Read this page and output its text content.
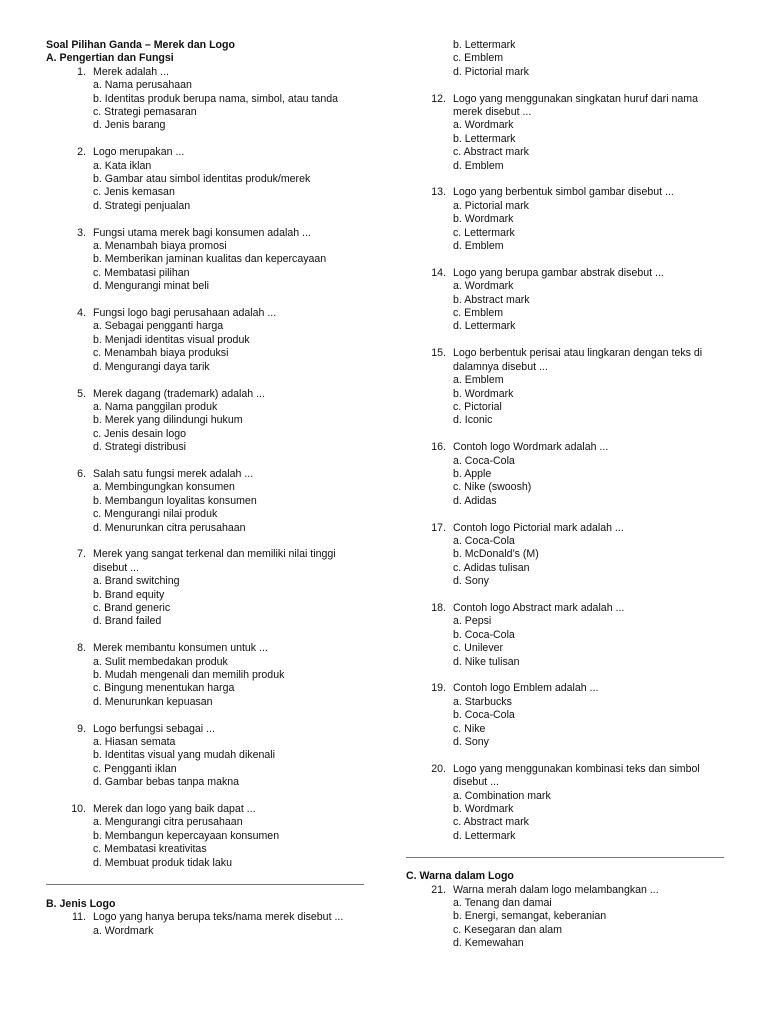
Soal Pilihan Ganda – Merek dan Logo
A. Pengertian dan Fungsi
1. Merek adalah ...
a. Nama perusahaan
b. Identitas produk berupa nama, simbol, atau tanda
c. Strategi pemasaran
d. Jenis barang
2. Logo merupakan ...
a. Kata iklan
b. Gambar atau simbol identitas produk/merek
c. Jenis kemasan
d. Strategi penjualan
3. Fungsi utama merek bagi konsumen adalah ...
a. Menambah biaya promosi
b. Memberikan jaminan kualitas dan kepercayaan
c. Membatasi pilihan
d. Mengurangi minat beli
4. Fungsi logo bagi perusahaan adalah ...
a. Sebagai pengganti harga
b. Menjadi identitas visual produk
c. Menambah biaya produksi
d. Mengurangi daya tarik
5. Merek dagang (trademark) adalah ...
a. Nama panggilan produk
b. Merek yang dilindungi hukum
c. Jenis desain logo
d. Strategi distribusi
6. Salah satu fungsi merek adalah ...
a. Membingungkan konsumen
b. Membangun loyalitas konsumen
c. Mengurangi nilai produk
d. Menurunkan citra perusahaan
7. Merek yang sangat terkenal dan memiliki nilai tinggi disebut ...
a. Brand switching
b. Brand equity
c. Brand generic
d. Brand failed
8. Merek membantu konsumen untuk ...
a. Sulit membedakan produk
b. Mudah mengenali dan memilih produk
c. Bingung menentukan harga
d. Menurunkan kepuasan
9. Logo berfungsi sebagai ...
a. Hiasan semata
b. Identitas visual yang mudah dikenali
c. Pengganti iklan
d. Gambar bebas tanpa makna
10. Merek dan logo yang baik dapat ...
a. Mengurangi citra perusahaan
b. Membangun kepercayaan konsumen
c. Membatasi kreativitas
d. Membuat produk tidak laku
B. Jenis Logo
11. Logo yang hanya berupa teks/nama merek disebut ...
a. Wordmark
b. Lettermark
c. Emblem
d. Pictorial mark
12. Logo yang menggunakan singkatan huruf dari nama merek disebut ...
a. Wordmark
b. Lettermark
c. Abstract mark
d. Emblem
13. Logo yang berbentuk simbol gambar disebut ...
a. Pictorial mark
b. Wordmark
c. Lettermark
d. Emblem
14. Logo yang berupa gambar abstrak disebut ...
a. Wordmark
b. Abstract mark
c. Emblem
d. Lettermark
15. Logo berbentuk perisai atau lingkaran dengan teks di dalamnya disebut ...
a. Emblem
b. Wordmark
c. Pictorial
d. Iconic
16. Contoh logo Wordmark adalah ...
a. Coca-Cola
b. Apple
c. Nike (swoosh)
d. Adidas
17. Contoh logo Pictorial mark adalah ...
a. Coca-Cola
b. McDonald’s (M)
c. Adidas tulisan
d. Sony
18. Contoh logo Abstract mark adalah ...
a. Pepsi
b. Coca-Cola
c. Unilever
d. Nike tulisan
19. Contoh logo Emblem adalah ...
a. Starbucks
b. Coca-Cola
c. Nike
d. Sony
20. Logo yang menggunakan kombinasi teks dan simbol disebut ...
a. Combination mark
b. Wordmark
c. Abstract mark
d. Lettermark
C. Warna dalam Logo
21. Warna merah dalam logo melambangkan ...
a. Tenang dan damai
b. Energi, semangat, keberanian
c. Kesegaran dan alam
d. Kemewahan
